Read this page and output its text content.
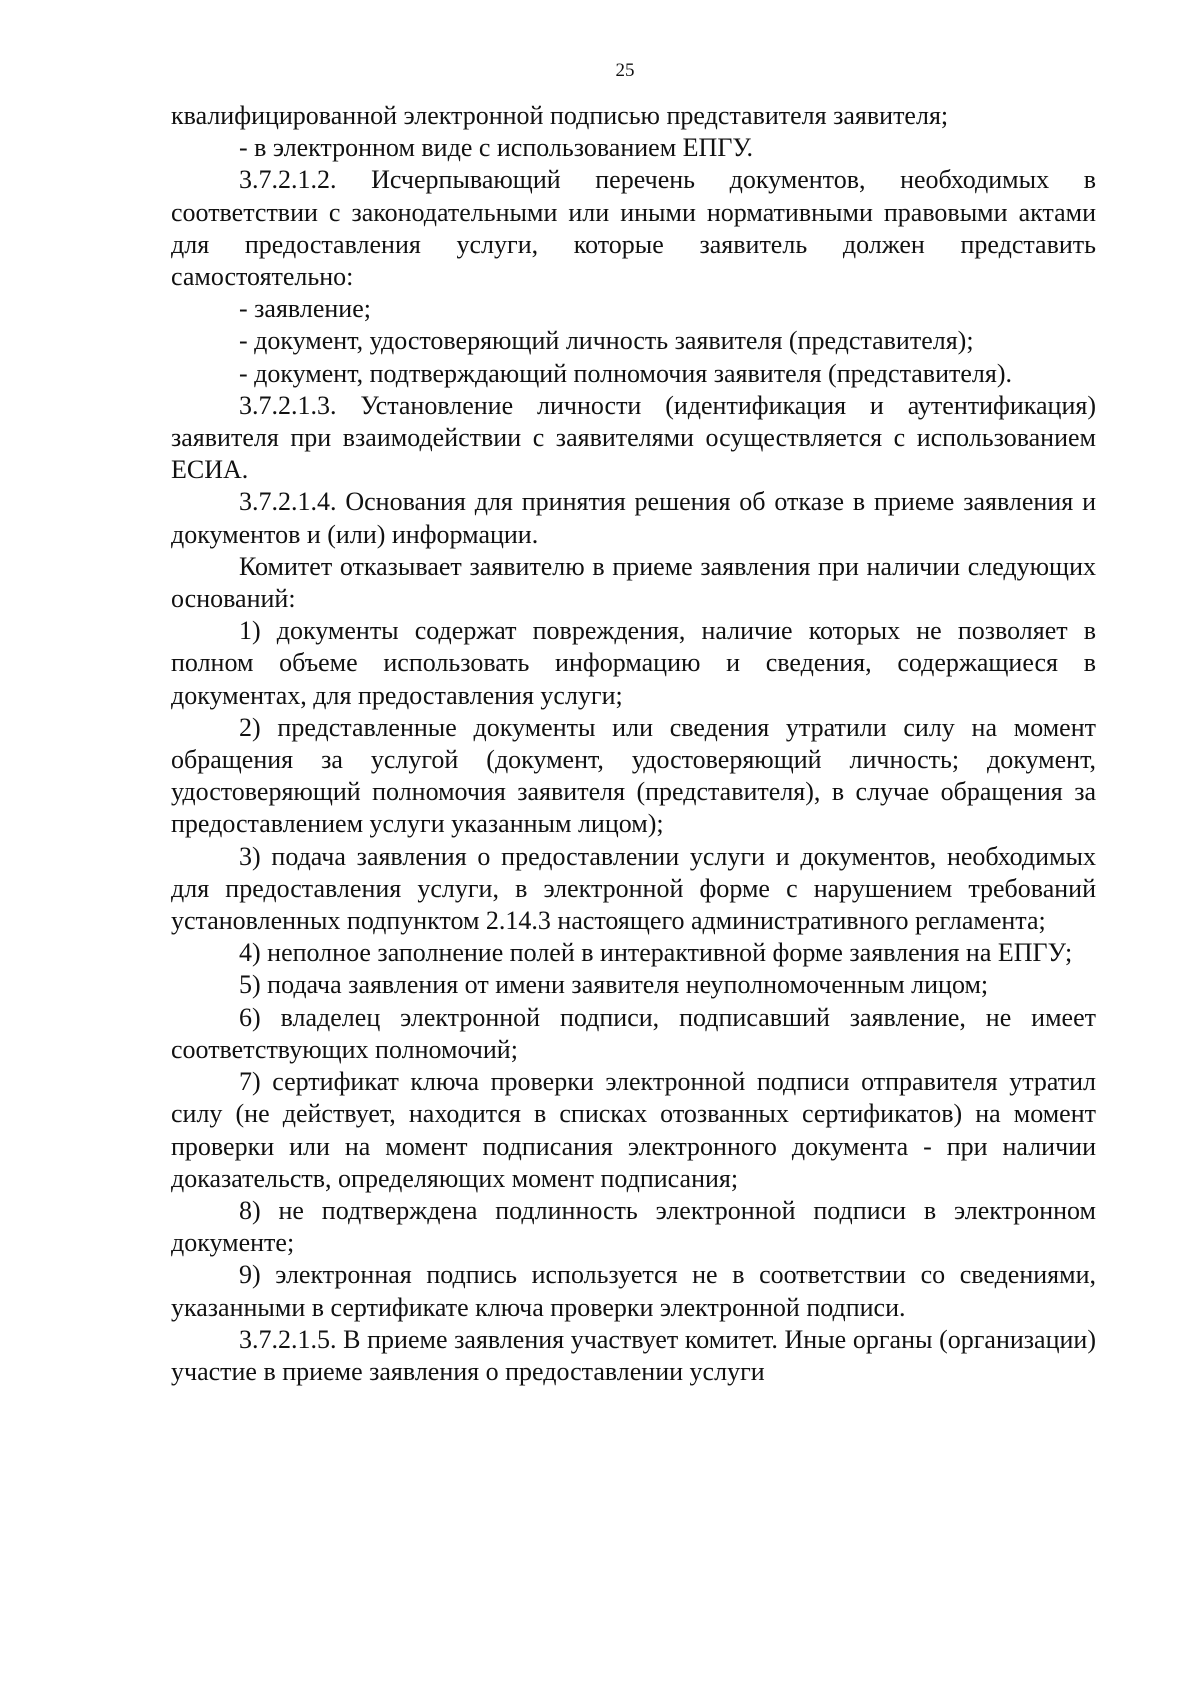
25

квалифицированной электронной подписью представителя заявителя;

- в электронном виде с использованием ЕПГУ.

3.7.2.1.2. Исчерпывающий перечень документов, необходимых в соответствии с законодательными или иными нормативными правовыми актами для предоставления услуги, которые заявитель должен представить самостоятельно:

- заявление;

- документ, удостоверяющий личность заявителя (представителя);

- документ, подтверждающий полномочия заявителя (представителя).

3.7.2.1.3. Установление личности (идентификация и аутентификация) заявителя при взаимодействии с заявителями осуществляется с использованием ЕСИА.

3.7.2.1.4. Основания для принятия решения об отказе в приеме заявления и документов и (или) информации.

Комитет отказывает заявителю в приеме заявления при наличии следующих оснований:

1) документы содержат повреждения, наличие которых не позволяет в полном объеме использовать информацию и сведения, содержащиеся в документах, для предоставления услуги;

2) представленные документы или сведения утратили силу на момент обращения за услугой (документ, удостоверяющий личность; документ, удостоверяющий полномочия заявителя (представителя), в случае обращения за предоставлением услуги указанным лицом);

3) подача заявления о предоставлении услуги и документов, необходимых для предоставления услуги, в электронной форме с нарушением требований установленных подпунктом 2.14.3 настоящего административного регламента;

4) неполное заполнение полей в интерактивной форме заявления на ЕПГУ;

5) подача заявления от имени заявителя неуполномоченным лицом;

6) владелец электронной подписи, подписавший заявление, не имеет соответствующих полномочий;

7) сертификат ключа проверки электронной подписи отправителя утратил силу (не действует, находится в списках отозванных сертификатов) на момент проверки или на момент подписания электронного документа - при наличии доказательств, определяющих момент подписания;

8) не подтверждена подлинность электронной подписи в электронном документе;

9) электронная подпись используется не в соответствии со сведениями, указанными в сертификате ключа проверки электронной подписи.

3.7.2.1.5. В приеме заявления участвует комитет. Иные органы (организации) участие в приеме заявления о предоставлении услуги
